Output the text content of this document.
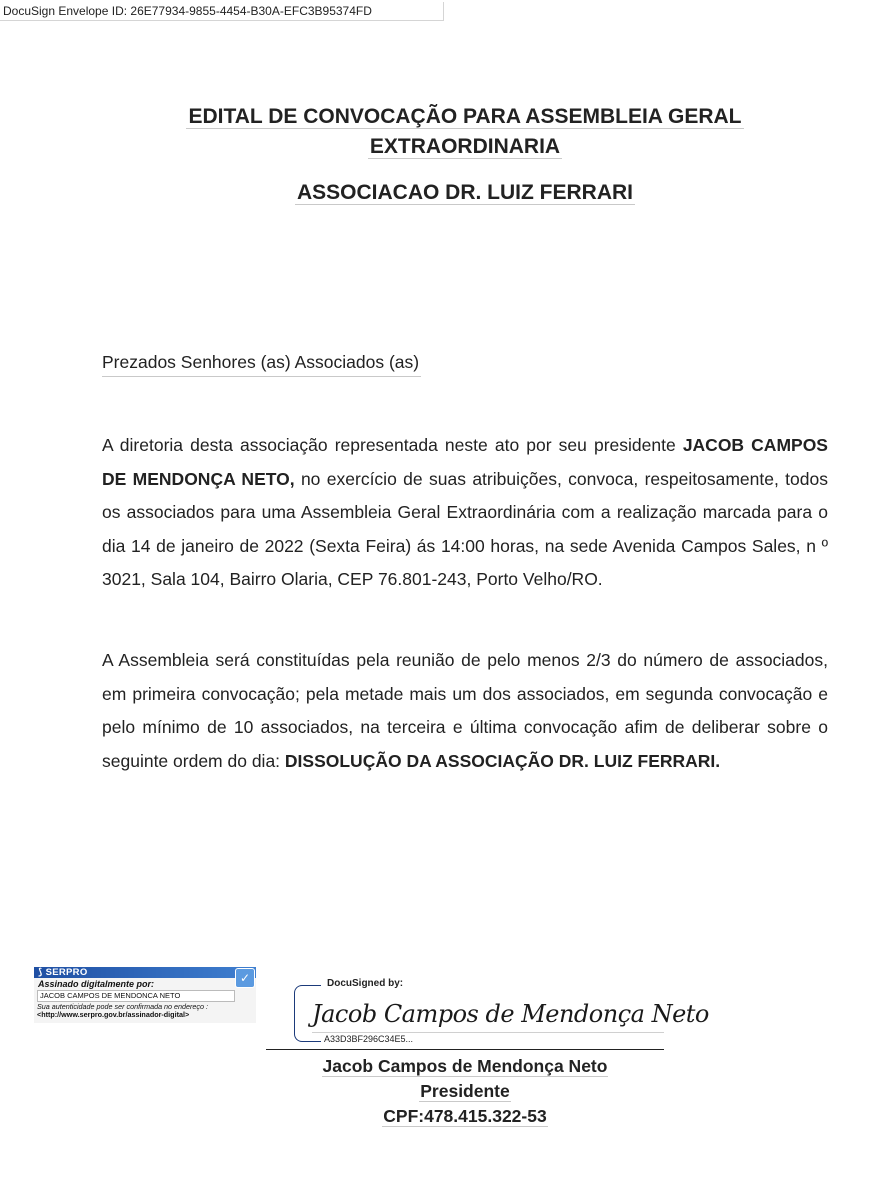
DocuSign Envelope ID: 26E77934-9855-4454-B30A-EFC3B95374FD
EDITAL DE CONVOCAÇÃO PARA ASSEMBLEIA GERAL
EXTRAORDINARIA
ASSOCIACAO DR. LUIZ FERRARI
Prezados Senhores (as) Associados (as)
A diretoria desta associação representada neste ato por seu presidente JACOB CAMPOS DE MENDONÇA NETO, no exercício de suas atribuições, convoca, respeitosamente, todos os associados para uma Assembleia Geral Extraordinária com a realização marcada para o dia 14 de janeiro de 2022 (Sexta Feira) ás 14:00 horas, na sede Avenida Campos Sales, n º 3021, Sala 104, Bairro Olaria, CEP 76.801-243, Porto Velho/RO.
A Assembleia será constituídas pela reunião de pelo menos 2/3 do número de associados, em primeira convocação; pela metade mais um dos associados, em segunda convocação e pelo mínimo de 10 associados, na terceira e última convocação afim de deliberar sobre o seguinte ordem do dia: DISSOLUÇÃO DA ASSOCIAÇÃO DR. LUIZ FERRARI.
⟆ SERPRO	✓
Assinado digitalmente por:
JACOB CAMPOS DE MENDONCA NETO
Sua autenticidade pode ser confirmada no endereço :
<http://www.serpro.gov.br/assinador-digital>
DocuSigned by:
Jacob Campos de Mendonça Neto
A33D3BF296C34E5...
Jacob Campos de Mendonça Neto
Presidente
CPF:478.415.322-53
